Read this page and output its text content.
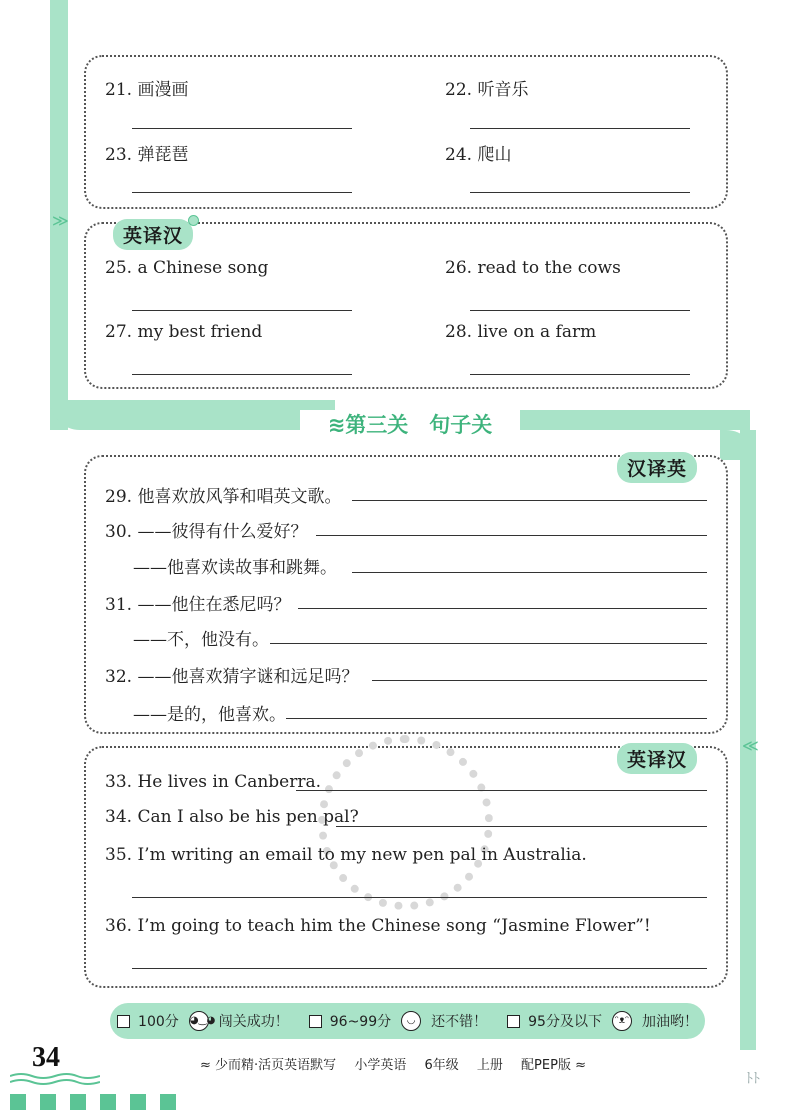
≫
≪
21. 画漫画	22. 听音乐
23. 弹琵琶	24. 爬山
英译汉
25. a Chinese song	26. read to the cows
27. my best friend	28. live on a farm
≋第三关　句子关
汉译英
29. 他喜欢放风筝和唱英文歌。
30. ——彼得有什么爱好？
——他喜欢读故事和跳舞。
31. ——他住在悉尼吗？
——不，他没有。
32. ——他喜欢猜字谜和远足吗？
——是的，他喜欢。
英译汉
33. He lives in Canberra.
34. Can I also be his pen pal?
35. I’m writing an email to my new pen pal in Australia.
36. I’m going to teach him the Chinese song “Jasmine Flower”!
100分 ◕‿◕ 闯关成功！	96~99分	◡	还不错！	95分及以下 ᵔᴥᵔ 加油哟！
34	≈ 少而精·活页英语默写 小学英语 6年级 上册 配PEP版 ≈
ﾄﾄ
